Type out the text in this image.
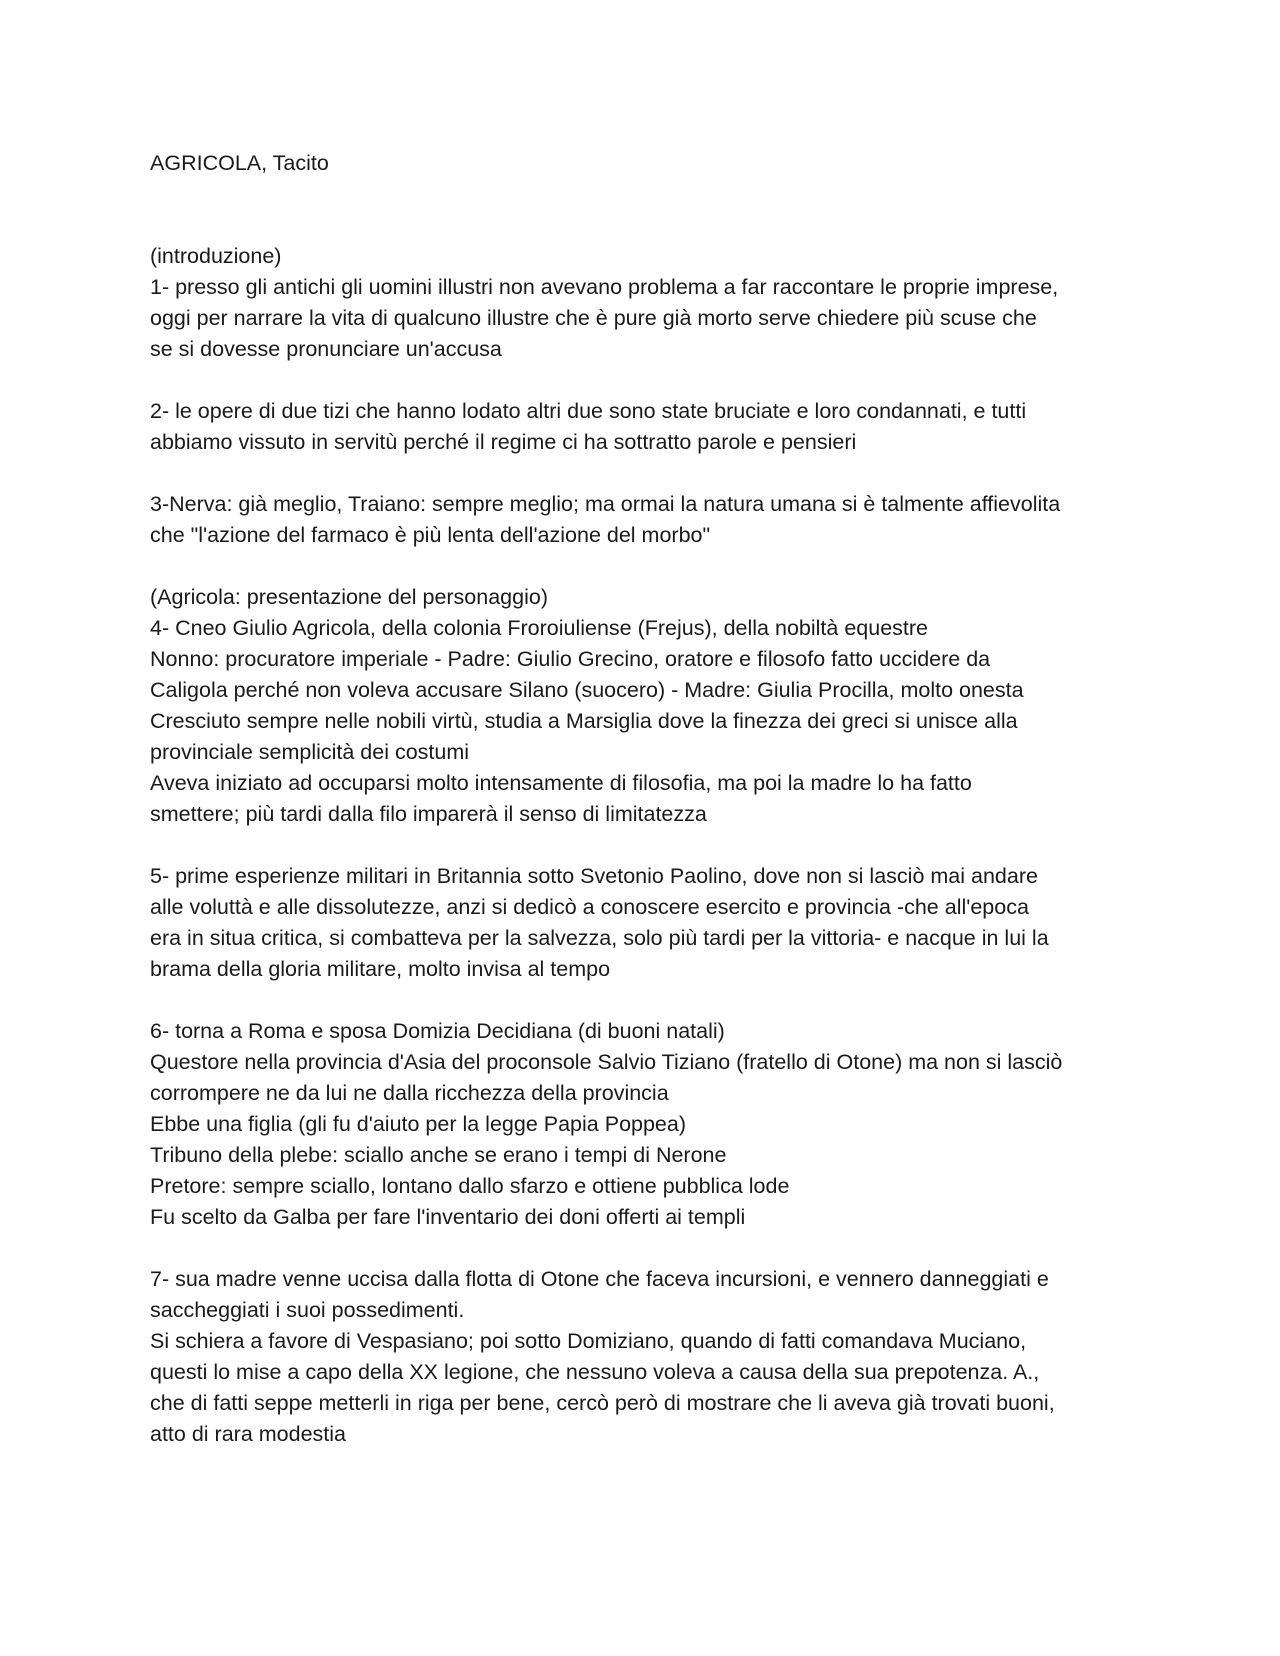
AGRICOLA, Tacito
(introduzione)
1- presso gli antichi gli uomini illustri non avevano problema a far raccontare le proprie imprese,
oggi per narrare la vita di qualcuno illustre che è pure già morto serve chiedere più scuse che
se si dovesse pronunciare un'accusa
2- le opere di due tizi che hanno lodato altri due sono state bruciate e loro condannati, e tutti
abbiamo vissuto in servitù perché il regime ci ha sottratto parole e pensieri
3-Nerva: già meglio, Traiano: sempre meglio; ma ormai la natura umana si è talmente affievolita
che "l'azione del farmaco è più lenta dell'azione del morbo"
(Agricola: presentazione del personaggio)
4- Cneo Giulio Agricola, della colonia Froroiuliense (Frejus), della nobiltà equestre
Nonno: procuratore imperiale - Padre: Giulio Grecino, oratore e filosofo fatto uccidere da
Caligola perché non voleva accusare Silano (suocero) - Madre: Giulia Procilla, molto onesta
Cresciuto sempre nelle nobili virtù, studia a Marsiglia dove la finezza dei greci si unisce alla
provinciale semplicità dei costumi
Aveva iniziato ad occuparsi molto intensamente di filosofia, ma poi la madre lo ha fatto
smettere; più tardi dalla filo imparerà il senso di limitatezza
5- prime esperienze militari in Britannia sotto Svetonio Paolino, dove non si lasciò mai andare
alle voluttà e alle dissolutezze, anzi si dedicò a conoscere esercito e provincia -che all'epoca
era in situa critica, si combatteva per la salvezza, solo più tardi per la vittoria- e nacque in lui la
brama della gloria militare, molto invisa al tempo
6- torna a Roma e sposa Domizia Decidiana (di buoni natali)
Questore nella provincia d'Asia del proconsole Salvio Tiziano (fratello di Otone) ma non si lasciò
corrompere ne da lui ne dalla ricchezza della provincia
Ebbe una figlia (gli fu d'aiuto per la legge Papia Poppea)
Tribuno della plebe: sciallo anche se erano i tempi di Nerone
Pretore: sempre sciallo, lontano dallo sfarzo e ottiene pubblica lode
Fu scelto da Galba per fare l'inventario dei doni offerti ai templi
7- sua madre venne uccisa dalla flotta di Otone che faceva incursioni, e vennero danneggiati e
saccheggiati i suoi possedimenti.
Si schiera a favore di Vespasiano; poi sotto Domiziano, quando di fatti comandava Muciano,
questi lo mise a capo della XX legione, che nessuno voleva a causa della sua prepotenza. A.,
che di fatti seppe metterli in riga per bene, cercò però di mostrare che li aveva già trovati buoni,
atto di rara modestia
